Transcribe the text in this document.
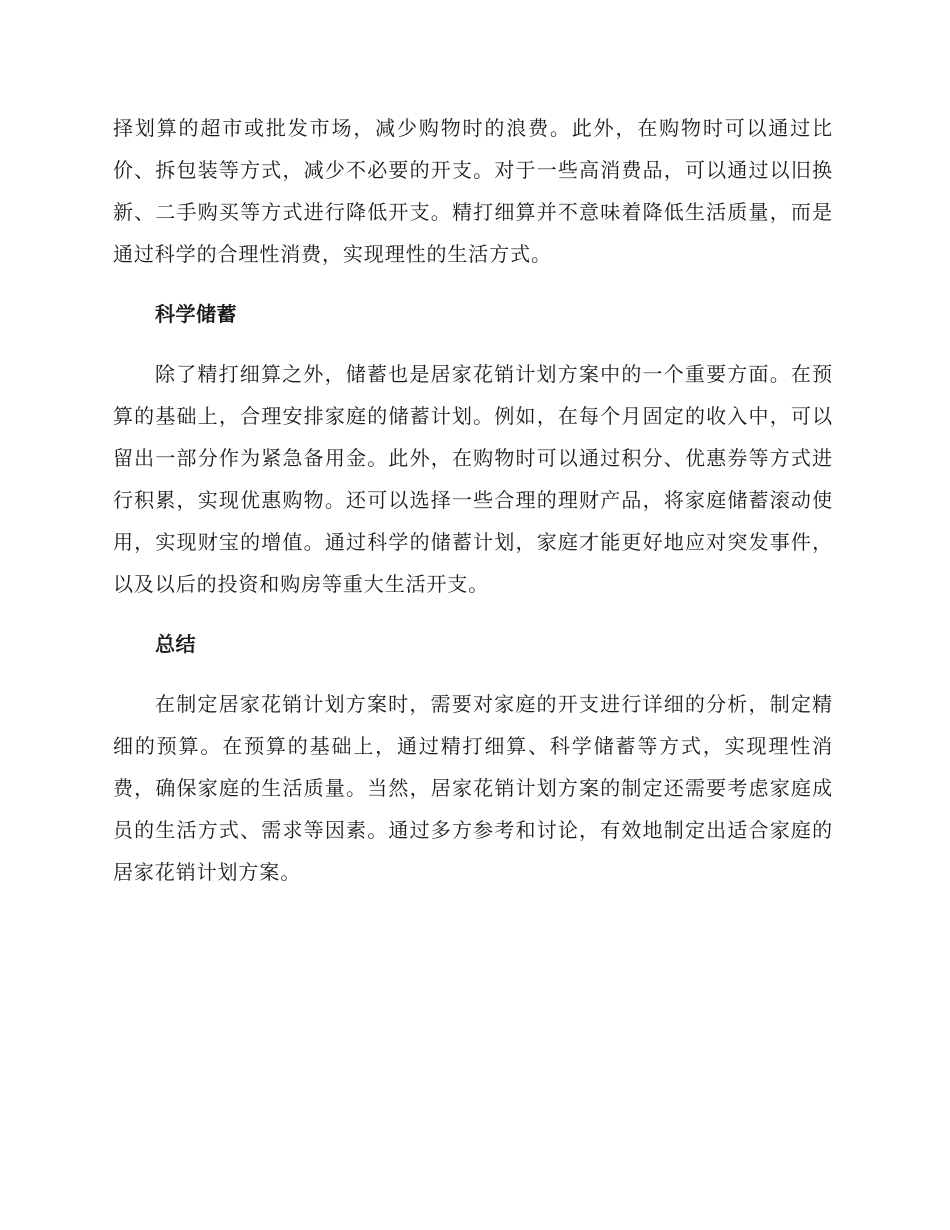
择划算的超市或批发市场，减少购物时的浪费。此外，在购物时可以通过比价、拆包装等方式，减少不必要的开支。对于一些高消费品，可以通过以旧换新、二手购买等方式进行降低开支。精打细算并不意味着降低生活质量，而是通过科学的合理性消费，实现理性的生活方式。

科学储蓄

除了精打细算之外，储蓄也是居家花销计划方案中的一个重要方面。在预算的基础上，合理安排家庭的储蓄计划。例如，在每个月固定的收入中，可以留出一部分作为紧急备用金。此外，在购物时可以通过积分、优惠券等方式进行积累，实现优惠购物。还可以选择一些合理的理财产品，将家庭储蓄滚动使用，实现财宝的增值。通过科学的储蓄计划，家庭才能更好地应对突发事件，以及以后的投资和购房等重大生活开支。

总结

在制定居家花销计划方案时，需要对家庭的开支进行详细的分析，制定精细的预算。在预算的基础上，通过精打细算、科学储蓄等方式，实现理性消费，确保家庭的生活质量。当然，居家花销计划方案的制定还需要考虑家庭成员的生活方式、需求等因素。通过多方参考和讨论，有效地制定出适合家庭的居家花销计划方案。
